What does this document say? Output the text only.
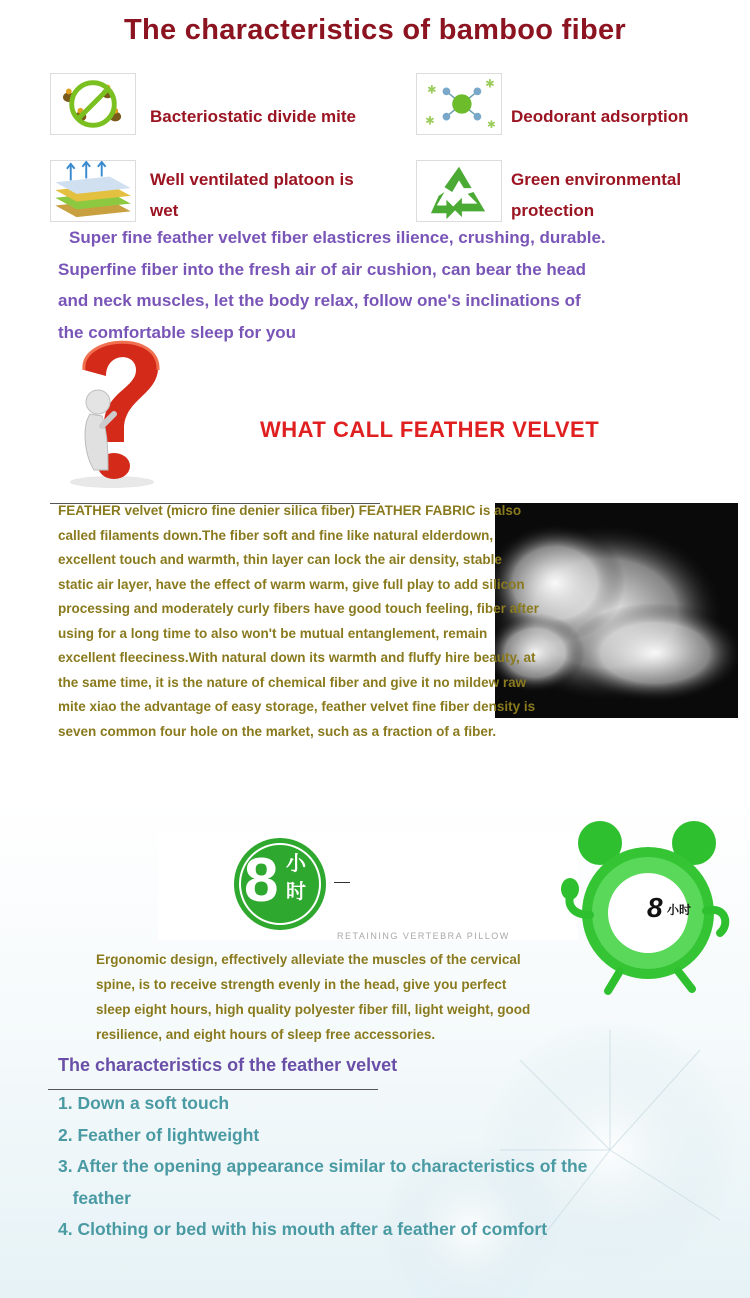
The characteristics of bamboo fiber
Bacteriostatic divide mite
✱	✱
✱	✱ Deodorant adsorption
Well ventilated platoon is
wet
Green environmental
protection
Super fine feather velvet fiber elasticres ilience, crushing, durable.
Superfine fiber into the fresh air of air cushion, can bear the head
and neck muscles, let the body relax, follow one's inclinations of
the comfortable sleep for you
WHAT CALL FEATHER VELVET
FEATHER velvet (micro fine denier silica fiber) FEATHER FABRIC is also
called filaments down.The fiber soft and fine like natural elderdown,
excellent touch and warmth, thin layer can lock the air density, stable
static air layer, have the effect of warm warm, give full play to add silicon
processing and moderately curly fibers have good touch feeling, fiber after
using for a long time to also won't be mutual entanglement, remain
excellent fleeciness.With natural down its warmth and fluffy hire beauty, at
the same time, it is the nature of chemical fiber and give it no mildew raw
mite xiao the advantage of easy storage, feather velvet fine fiber density is
seven common four hole on the market, such as a fraction of a fiber.
8 小
时
RETAINING VERTEBRA PILLOW
8 小时
Ergonomic design, effectively alleviate the muscles of the cervical
spine, is to receive strength evenly in the head, give you perfect
sleep eight hours, high quality polyester fiber fill, light weight, good
resilience, and eight hours of sleep free accessories.
The characteristics of the feather velvet
1. Down a soft touch
2. Feather of lightweight
3. After the opening appearance similar to characteristics of the
feather
4. Clothing or bed with his mouth after a feather of comfort
